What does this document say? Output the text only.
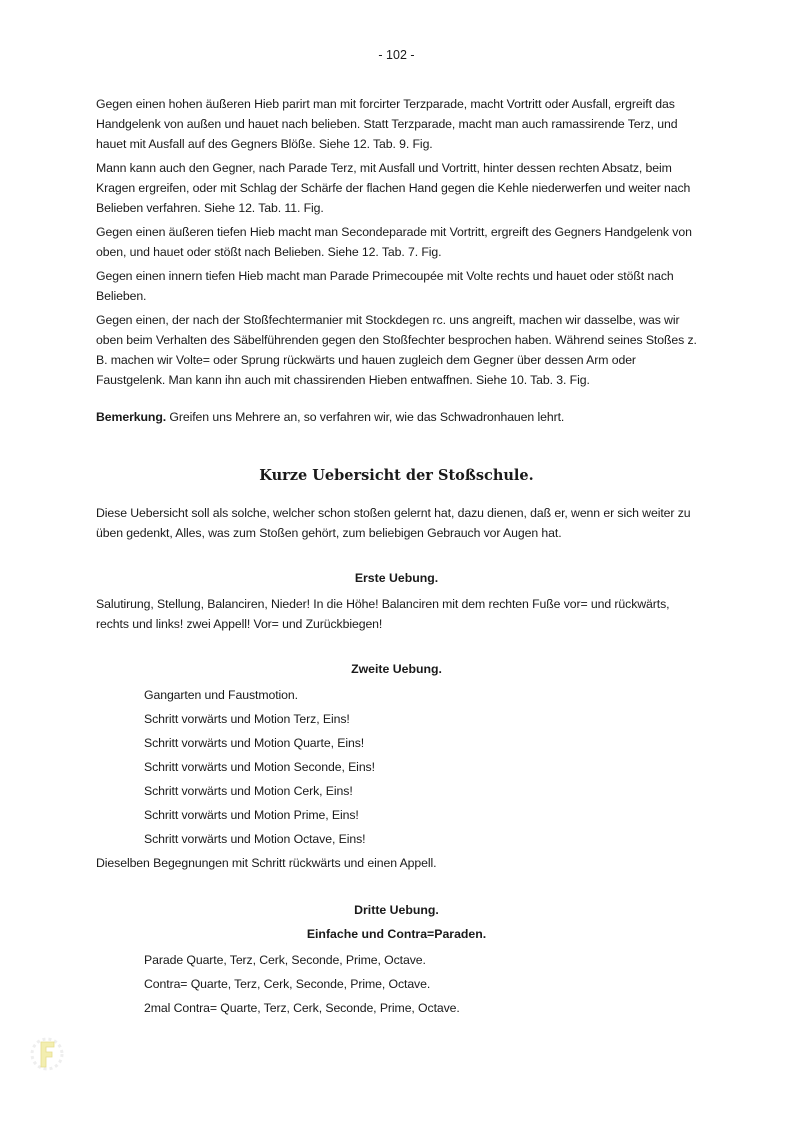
- 102 -

Gegen einen hohen äußeren Hieb parirt man mit forcirter Terzparade, macht Vortritt oder Ausfall, ergreift das Handgelenk von außen und hauet nach belieben. Statt Terzparade, macht man auch ramassirende Terz, und hauet mit Ausfall auf des Gegners Blöße. Siehe 12. Tab. 9. Fig.

Mann kann auch den Gegner, nach Parade Terz, mit Ausfall und Vortritt, hinter dessen rechten Absatz, beim Kragen ergreifen, oder mit Schlag der Schärfe der flachen Hand gegen die Kehle niederwerfen und weiter nach Belieben verfahren. Siehe 12. Tab. 11. Fig.

Gegen einen äußeren tiefen Hieb macht man Secondeparade mit Vortritt, ergreift des Gegners Handgelenk von oben, und hauet oder stößt nach Belieben. Siehe 12. Tab. 7. Fig.

Gegen einen innern tiefen Hieb macht man Parade Primecoupée mit Volte rechts und hauet oder stößt nach Belieben.

Gegen einen, der nach der Stoßfechtermanier mit Stockdegen rc. uns angreift, machen wir dasselbe, was wir oben beim Verhalten des Säbelführenden gegen den Stoßfechter besprochen haben. Während seines Stoßes z. B. machen wir Volte= oder Sprung rückwärts und hauen zugleich dem Gegner über dessen Arm oder Faustgelenk. Man kann ihn auch mit chassirenden Hieben entwaffnen. Siehe 10. Tab. 3. Fig.

Bemerkung. Greifen uns Mehrere an, so verfahren wir, wie das Schwadronhauen lehrt.
Kurze Uebersicht der Stoßschule.
Diese Uebersicht soll als solche, welcher schon stoßen gelernt hat, dazu dienen, daß er, wenn er sich weiter zu üben gedenkt, Alles, was zum Stoßen gehört, zum beliebigen Gebrauch vor Augen hat.
Erste Uebung.
Salutirung, Stellung, Balanciren, Nieder! In die Höhe! Balanciren mit dem rechten Fuße vor= und rückwärts, rechts und links! zwei Appell! Vor= und Zurückbiegen!
Zweite Uebung.

Gangarten und Faustmotion.

Schritt vorwärts und Motion Terz, Eins!

Schritt vorwärts und Motion Quarte, Eins!

Schritt vorwärts und Motion Seconde, Eins!

Schritt vorwärts und Motion Cerk, Eins!

Schritt vorwärts und Motion Prime, Eins!

Schritt vorwärts und Motion Octave, Eins!

Dieselben Begegnungen mit Schritt rückwärts und einen Appell.

Dritte Uebung.
Einfache und Contra=Paraden.

Parade Quarte, Terz, Cerk, Seconde, Prime, Octave.

Contra= Quarte, Terz, Cerk, Seconde, Prime, Octave.

2mal Contra= Quarte, Terz, Cerk, Seconde, Prime, Octave.
